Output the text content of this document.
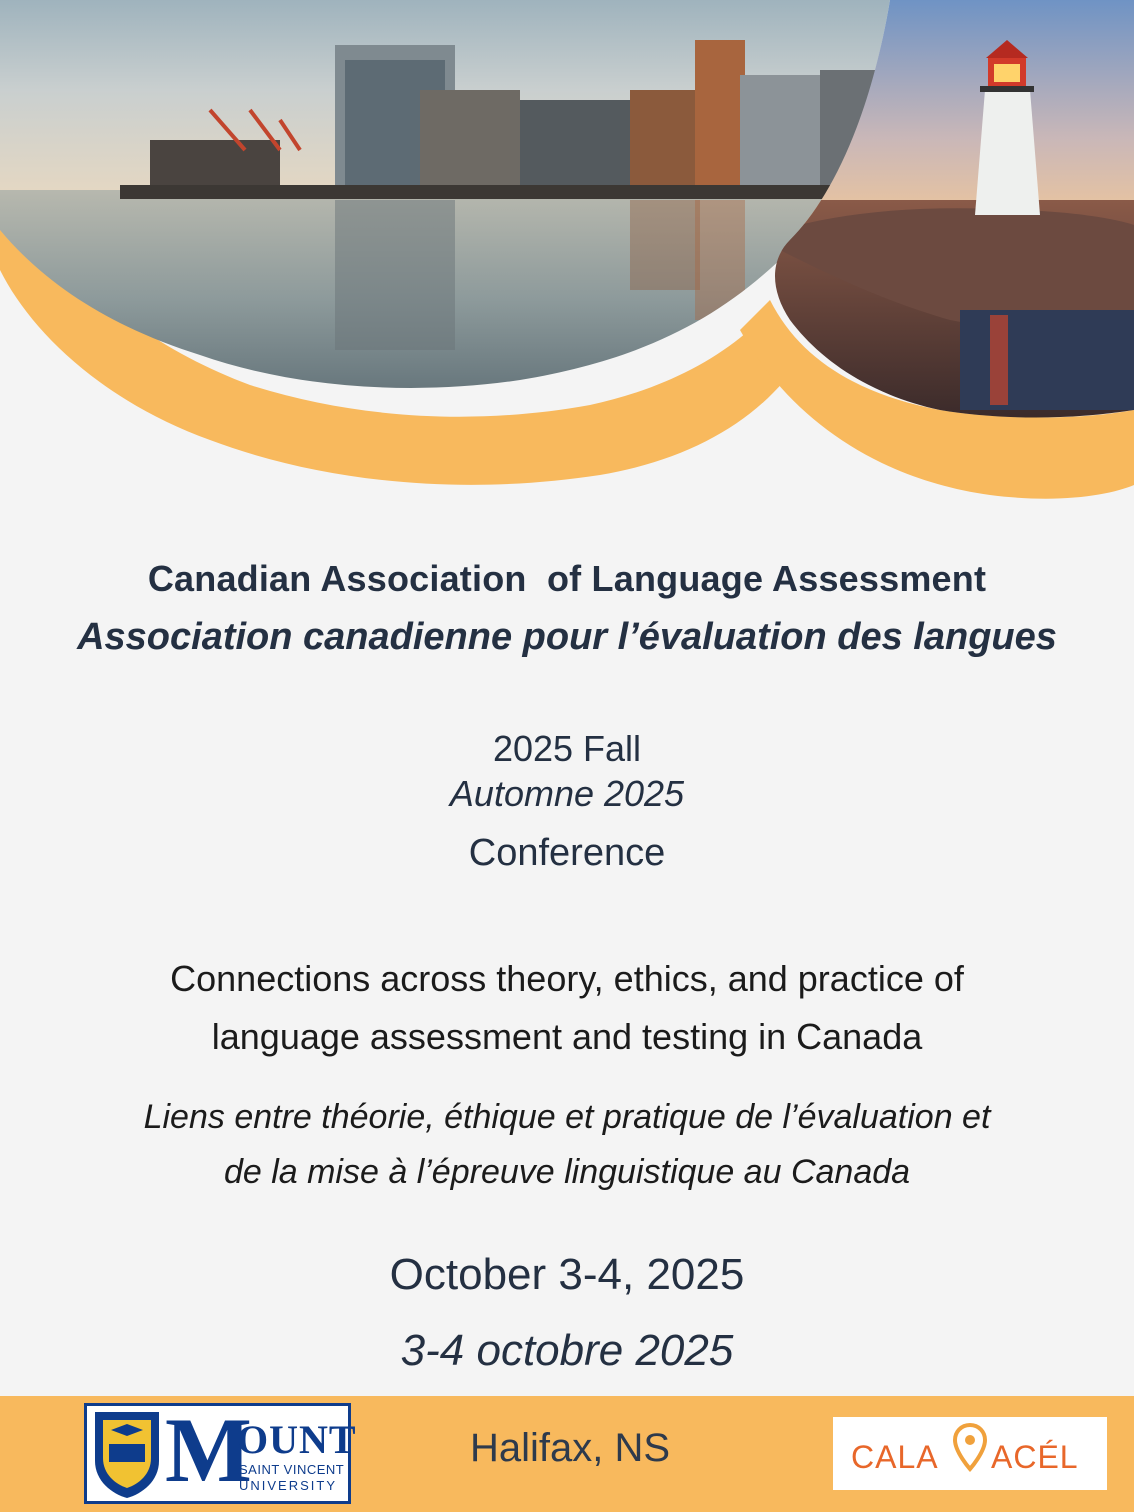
Canadian Association  of Language Assessment
Association canadienne pour l’évaluation des langues
2025 Fall
Automne 2025
Conference
Connections across theory, ethics, and practice of
language assessment and testing in Canada
Liens entre théorie, éthique et pratique de l’évaluation et
de la mise à l’épreuve linguistique au Canada
October 3-4, 2025
3-4 octobre 2025
M
OUNT
SAINT VINCENT
UNIVERSITY
Halifax, NS	CALA ACÉL
